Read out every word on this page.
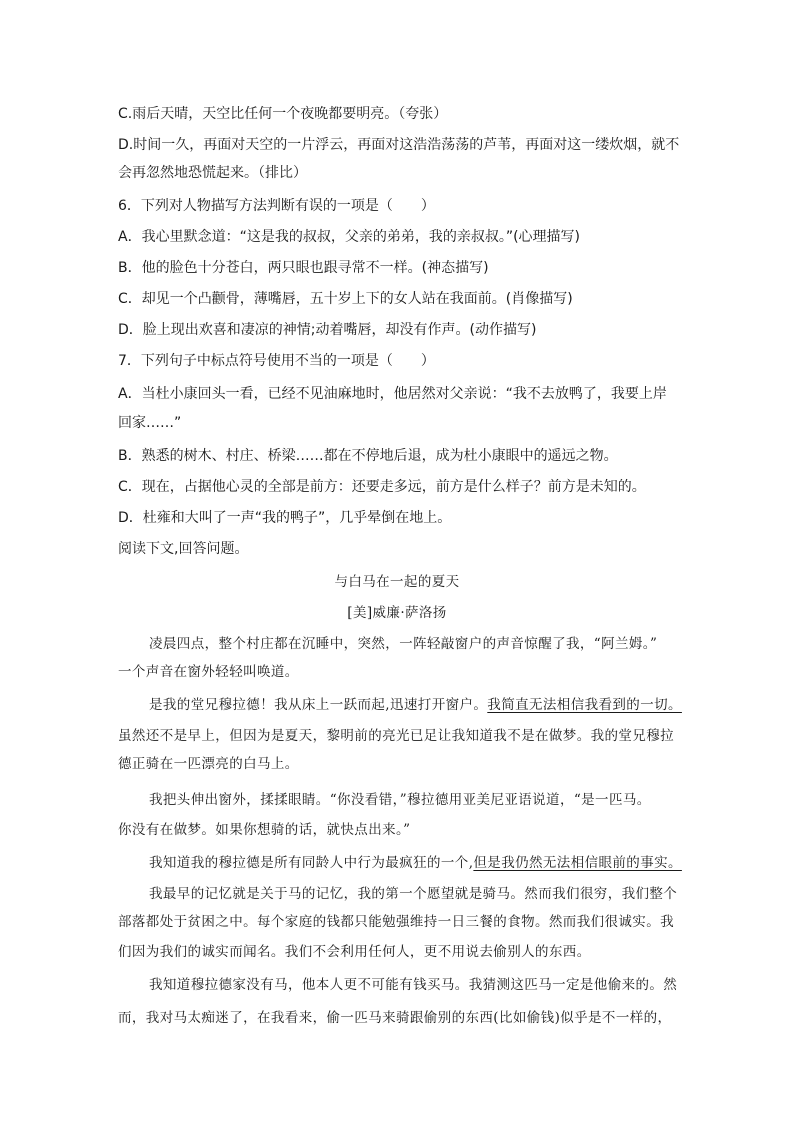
C.雨后天晴，天空比任何一个夜晚都要明亮。（夸张）
D.时间一久，再面对天空的一片浮云，再面对这浩浩荡荡的芦苇，再面对这一缕炊烟，就不
会再忽然地恐慌起来。（排比）
6．下列对人物描写方法判断有误的一项是（　　）
A．我心里默念道：“这是我的叔叔，父亲的弟弟，我的亲叔叔。”(心理描写)
B．他的脸色十分苍白，两只眼也跟寻常不一样。(神态描写)
C．却见一个凸颧骨，薄嘴唇，五十岁上下的女人站在我面前。(肖像描写)
D．脸上现出欢喜和凄凉的神情;动着嘴唇，却没有作声。(动作描写)
7．下列句子中标点符号使用不当的一项是（　　）
A．当杜小康回头一看，已经不见油麻地时，他居然对父亲说：“我不去放鸭了，我要上岸
回家……”
B．熟悉的树木、村庄、桥梁……都在不停地后退，成为杜小康眼中的遥远之物。
C．现在，占据他心灵的全部是前方：还要走多远，前方是什么样子？前方是未知的。
D．杜雍和大叫了一声“我的鸭子”，几乎晕倒在地上。
阅读下文,回答问题。
与白马在一起的夏天
[美]威廉·萨洛扬
凌晨四点，整个村庄都在沉睡中，突然，一阵轻敲窗户的声音惊醒了我，“阿兰姆。”
一个声音在窗外轻轻叫唤道。
是我的堂兄穆拉德！我从床上一跃而起,迅速打开窗户。我简直无法相信我看到的一切。
虽然还不是早上，但因为是夏天，黎明前的亮光已足让我知道我不是在做梦。我的堂兄穆拉
德正骑在一匹漂亮的白马上。
我把头伸出窗外，揉揉眼睛。“你没看错，”穆拉德用亚美尼亚语说道，“是一匹马。
你没有在做梦。如果你想骑的话，就快点出来。”
我知道我的穆拉德是所有同龄人中行为最疯狂的一个,但是我仍然无法相信眼前的事实。
我最早的记忆就是关于马的记忆，我的第一个愿望就是骑马。然而我们很穷，我们整个
部落都处于贫困之中。每个家庭的钱都只能勉强维持一日三餐的食物。然而我们很诚实。我
们因为我们的诚实而闻名。我们不会利用任何人，更不用说去偷别人的东西。
我知道穆拉德家没有马，他本人更不可能有钱买马。我猜测这匹马一定是他偷来的。然
而，我对马太痴迷了，在我看来，偷一匹马来骑跟偷别的东西(比如偷钱)似乎是不一样的，
